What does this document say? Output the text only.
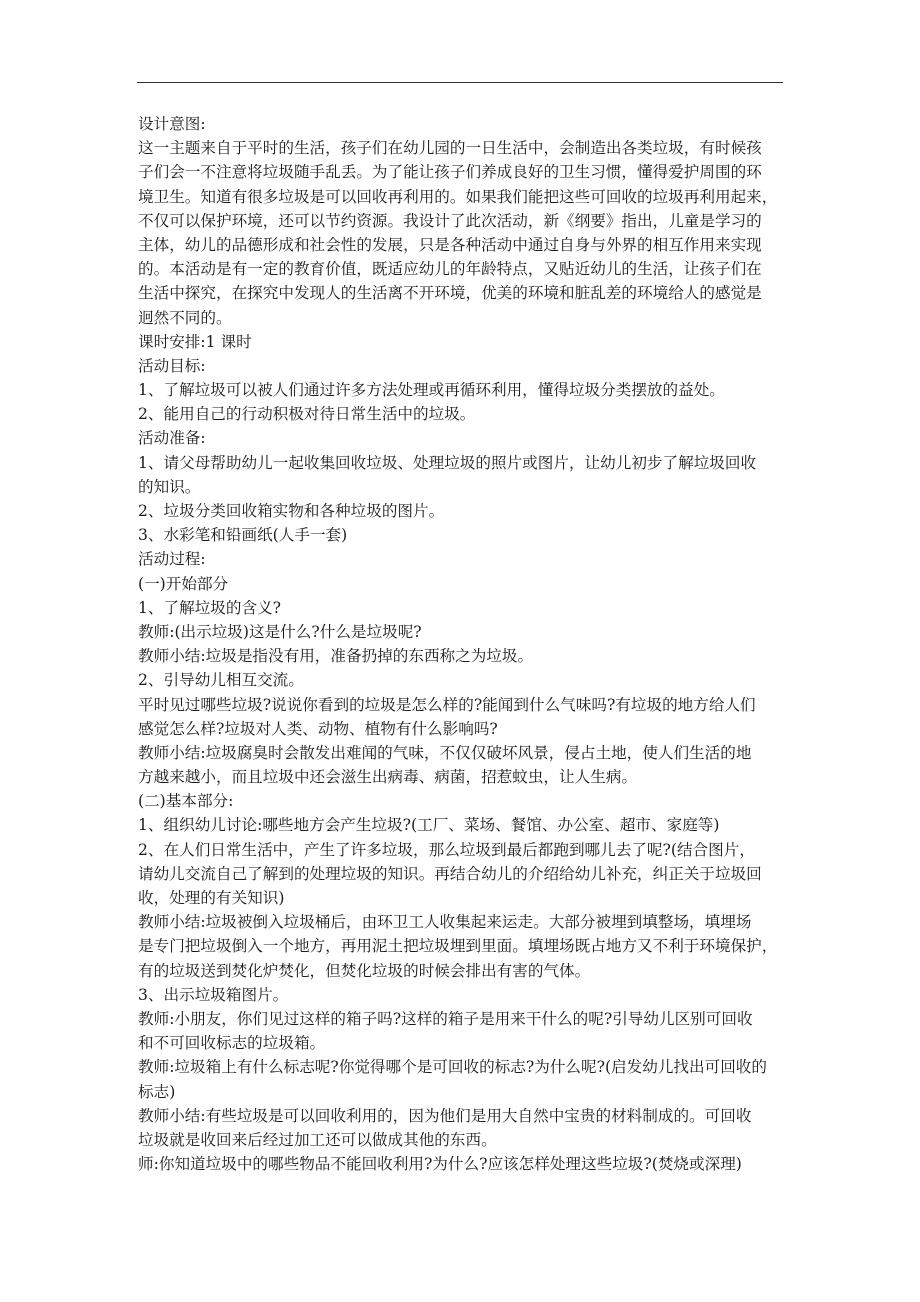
设计意图:
这一主题来自于平时的生活，孩子们在幼儿园的一日生活中，会制造出各类垃圾，有时候孩
子们会一不注意将垃圾随手乱丢。为了能让孩子们养成良好的卫生习惯，懂得爱护周围的环
境卫生。知道有很多垃圾是可以回收再利用的。如果我们能把这些可回收的垃圾再利用起来，
不仅可以保护环境，还可以节约资源。我设计了此次活动，新《纲要》指出，儿童是学习的
主体，幼儿的品德形成和社会性的发展，只是各种活动中通过自身与外界的相互作用来实现
的。本活动是有一定的教育价值，既适应幼儿的年龄特点，又贴近幼儿的生活，让孩子们在
生活中探究，在探究中发现人的生活离不开环境，优美的环境和脏乱差的环境给人的感觉是
迥然不同的。
课时安排:1 课时
活动目标:
1、了解垃圾可以被人们通过许多方法处理或再循环利用，懂得垃圾分类摆放的益处。
2、能用自己的行动积极对待日常生活中的垃圾。
活动准备:
1、请父母帮助幼儿一起收集回收垃圾、处理垃圾的照片或图片，让幼儿初步了解垃圾回收
的知识。
2、垃圾分类回收箱实物和各种垃圾的图片。
3、水彩笔和铅画纸(人手一套)
活动过程:
(一)开始部分
1、了解垃圾的含义?
教师:(出示垃圾)这是什么?什么是垃圾呢?
教师小结:垃圾是指没有用，准备扔掉的东西称之为垃圾。
2、引导幼儿相互交流。
平时见过哪些垃圾?说说你看到的垃圾是怎么样的?能闻到什么气味吗?有垃圾的地方给人们
感觉怎么样?垃圾对人类、动物、植物有什么影响吗?
教师小结:垃圾腐臭时会散发出难闻的气味，不仅仅破坏风景，侵占土地，使人们生活的地
方越来越小，而且垃圾中还会滋生出病毒、病菌，招惹蚊虫，让人生病。
(二)基本部分:
1、组织幼儿讨论:哪些地方会产生垃圾?(工厂、菜场、餐馆、办公室、超市、家庭等)
2、在人们日常生活中，产生了许多垃圾，那么垃圾到最后都跑到哪儿去了呢?(结合图片，
请幼儿交流自己了解到的处理垃圾的知识。再结合幼儿的介绍给幼儿补充，纠正关于垃圾回
收，处理的有关知识)
教师小结:垃圾被倒入垃圾桶后，由环卫工人收集起来运走。大部分被埋到填整场，填埋场
是专门把垃圾倒入一个地方，再用泥土把垃圾埋到里面。填埋场既占地方又不利于环境保护，
有的垃圾送到焚化炉焚化，但焚化垃圾的时候会排出有害的气体。
3、出示垃圾箱图片。
教师:小朋友，你们见过这样的箱子吗?这样的箱子是用来干什么的呢?引导幼儿区别可回收
和不可回收标志的垃圾箱。
教师:垃圾箱上有什么标志呢?你觉得哪个是可回收的标志?为什么呢?(启发幼儿找出可回收的
标志)
教师小结:有些垃圾是可以回收利用的，因为他们是用大自然中宝贵的材料制成的。可回收
垃圾就是收回来后经过加工还可以做成其他的东西。
师:你知道垃圾中的哪些物品不能回收利用?为什么?应该怎样处理这些垃圾?(焚烧或深理)
